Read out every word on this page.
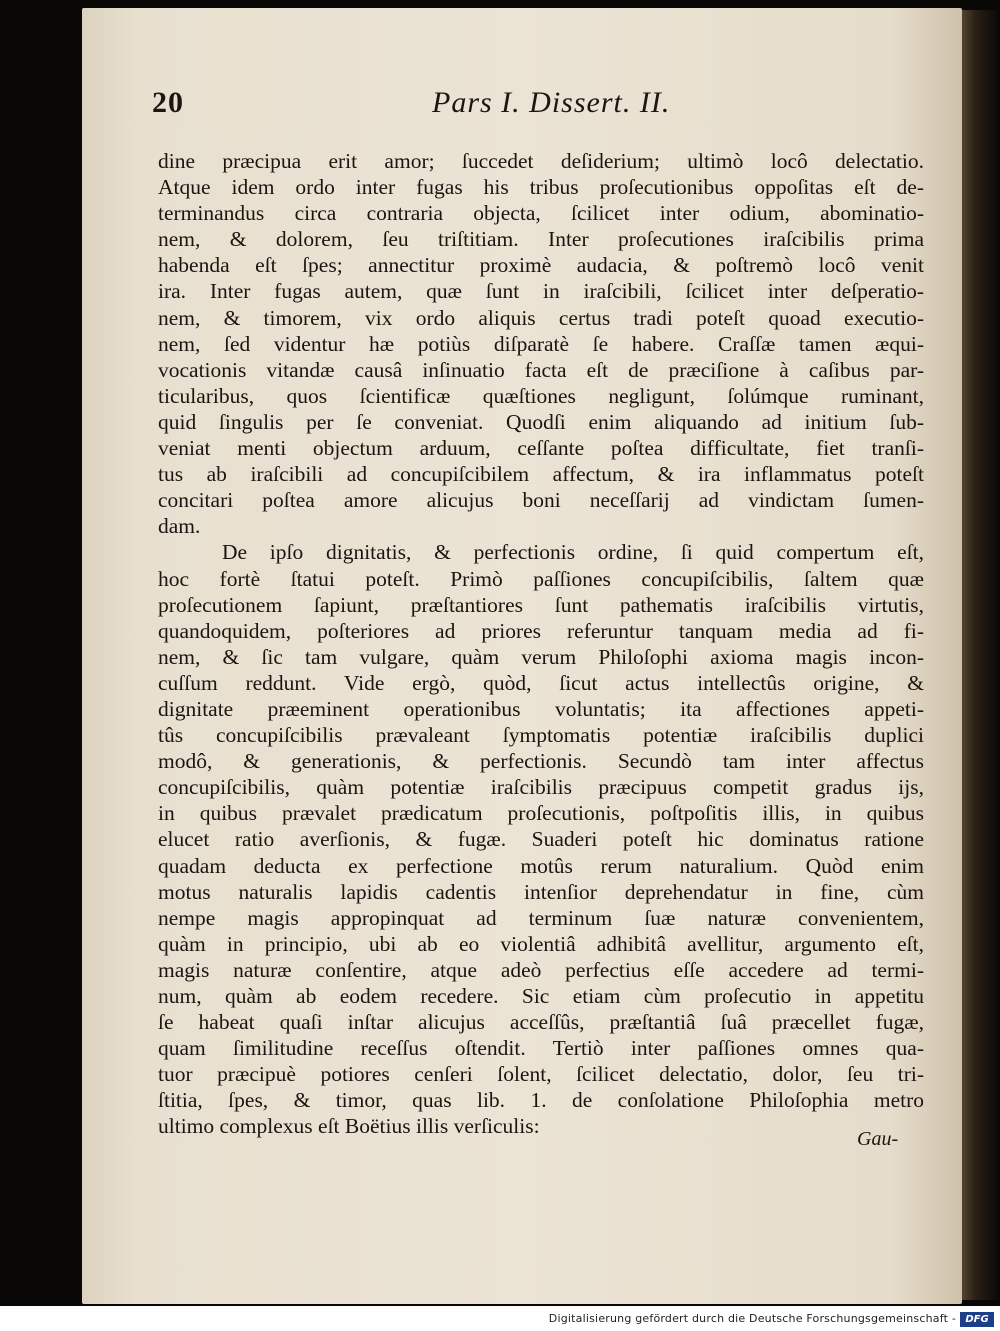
20	Pars I. Dissert. II.
dine præcipua erit amor; ſuccedet deſiderium; ultimò locô delectatio.
Atque idem ordo inter fugas his tribus proſecutionibus oppoſitas eſt de-
terminandus circa contraria objecta, ſcilicet inter odium, abominatio-
nem, & dolorem, ſeu triſtitiam. Inter proſecutiones iraſcibilis prima
habenda eſt ſpes; annectitur proximè audacia, & poſtremò locô venit
ira. Inter fugas autem, quæ ſunt in iraſcibili, ſcilicet inter deſperatio-
nem, & timorem, vix ordo aliquis certus tradi poteſt quoad executio-
nem, ſed videntur hæ potiùs diſparatè ſe habere. Craſſæ tamen æqui-
vocationis vitandæ causâ inſinuatio facta eſt de præciſione à caſibus par-
ticularibus, quos ſcientificæ quæſtiones negligunt, ſolúmque ruminant,
quid ſingulis per ſe conveniat. Quodſi enim aliquando ad initium ſub-
veniat menti objectum arduum, ceſſante poſtea difficultate, fiet tranſi-
tus ab iraſcibili ad concupiſcibilem affectum, & ira inflammatus poteſt
concitari poſtea amore alicujus boni neceſſarij ad vindictam ſumen-
dam.
De ipſo dignitatis, & perfectionis ordine, ſi quid compertum eſt,
hoc fortè ſtatui poteſt. Primò paſſiones concupiſcibilis, ſaltem quæ
proſecutionem ſapiunt, præſtantiores ſunt pathematis iraſcibilis virtutis,
quandoquidem, poſteriores ad priores referuntur tanquam media ad fi-
nem, & ſic tam vulgare, quàm verum Philoſophi axioma magis incon-
cuſſum reddunt. Vide ergò, quòd, ſicut actus intellectûs origine, &
dignitate præeminent operationibus voluntatis; ita affectiones appeti-
tûs concupiſcibilis prævaleant ſymptomatis potentiæ iraſcibilis duplici
modô, & generationis, & perfectionis. Secundò tam inter affectus
concupiſcibilis, quàm potentiæ iraſcibilis præcipuus competit gradus ijs,
in quibus prævalet prædicatum proſecutionis, poſtpoſitis illis, in quibus
elucet ratio averſionis, & fugæ. Suaderi poteſt hic dominatus ratione
quadam deducta ex perfectione motûs rerum naturalium. Quòd enim
motus naturalis lapidis cadentis intenſior deprehendatur in fine, cùm
nempe magis appropinquat ad terminum ſuæ naturæ convenientem,
quàm in principio, ubi ab eo violentiâ adhibitâ avellitur, argumento eſt,
magis naturæ conſentire, atque adeò perfectius eſſe accedere ad termi-
num, quàm ab eodem recedere. Sic etiam cùm proſecutio in appetitu
ſe habeat quaſi inſtar alicujus acceſſûs, præſtantiâ ſuâ præcellet fugæ,
quam ſimilitudine receſſus oſtendit. Tertiò inter paſſiones omnes qua-
tuor præcipuè potiores cenſeri ſolent, ſcilicet delectatio, dolor, ſeu tri-
ſtitia, ſpes, & timor, quas lib. 1. de conſolatione Philoſophia metro
ultimo complexus eſt Boëtius illis verſiculis:
Gau-
Digitalisierung gefördert durch die Deutsche Forschungsgemeinschaft - DFG
